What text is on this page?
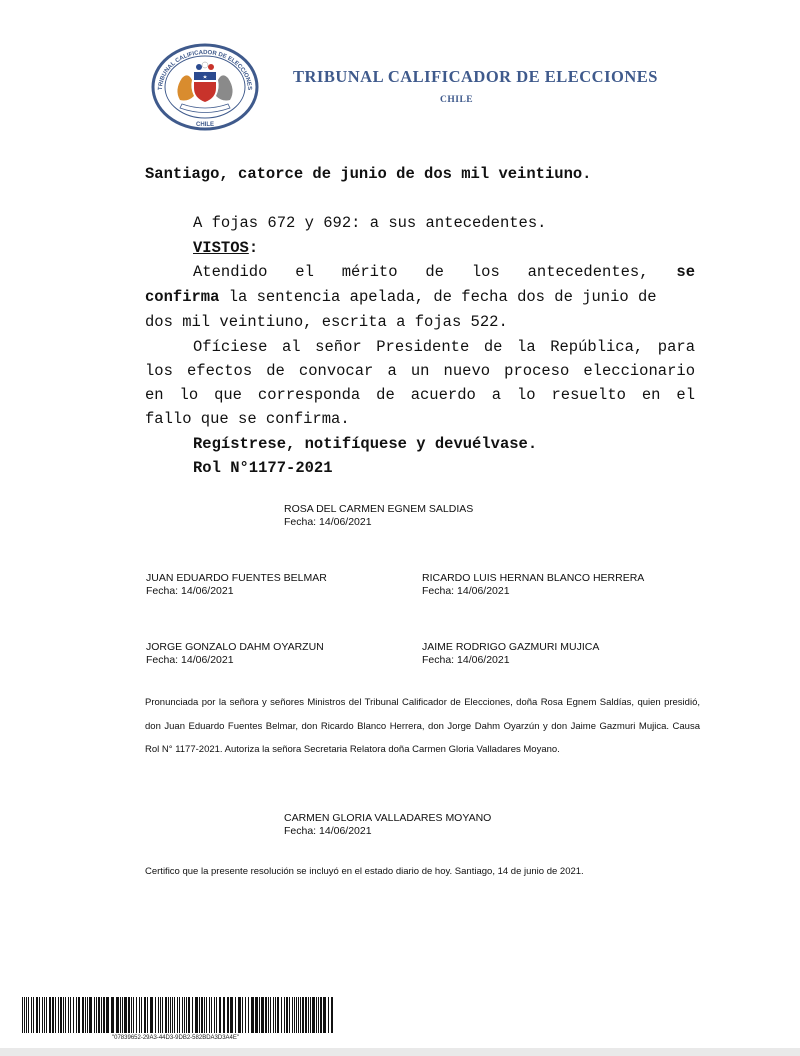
TRIBUNAL CALIFICADOR DE ELECCIONES
CHILE
TRIBUNAL CALIFICADOR DE ELECCIONES
CHILE
Santiago, catorce de junio de dos mil veintiuno.
A fojas 672 y 692: a sus antecedentes.
VISTOS:
Atendido el mérito de los antecedentes, se
confirma la sentencia apelada, de fecha dos de junio de
dos mil veintiuno, escrita a fojas 522.
Ofíciese al señor Presidente de la República, para
los efectos de convocar a un nuevo proceso eleccionario
en lo que corresponda de acuerdo a lo resuelto en el
fallo que se confirma.
Regístrese, notifíquese y devuélvase.
Rol N°1177-2021
ROSA DEL CARMEN EGNEM SALDIAS
Fecha: 14/06/2021
JUAN EDUARDO FUENTES BELMAR
Fecha: 14/06/2021
RICARDO LUIS HERNAN BLANCO HERRERA
Fecha: 14/06/2021
JORGE GONZALO DAHM OYARZUN
Fecha: 14/06/2021
JAIME RODRIGO GAZMURI MUJICA
Fecha: 14/06/2021
Pronunciada por la señora y señores Ministros del Tribunal Calificador de Elecciones, doña Rosa Egnem Saldías, quien presidió, don Juan Eduardo Fuentes Belmar, don Ricardo Blanco Herrera, don Jorge Dahm Oyarzún y don Jaime Gazmuri Mujica. Causa Rol N° 1177-2021. Autoriza la señora Secretaria Relatora doña Carmen Gloria Valladares Moyano.
CARMEN GLORIA VALLADARES MOYANO
Fecha: 14/06/2021
Certifico que la presente resolución se incluyó en el estado diario de hoy. Santiago, 14 de junio de 2021.
"07839652-29A3-44D3-9DB2-582BDA3D3A4E"
